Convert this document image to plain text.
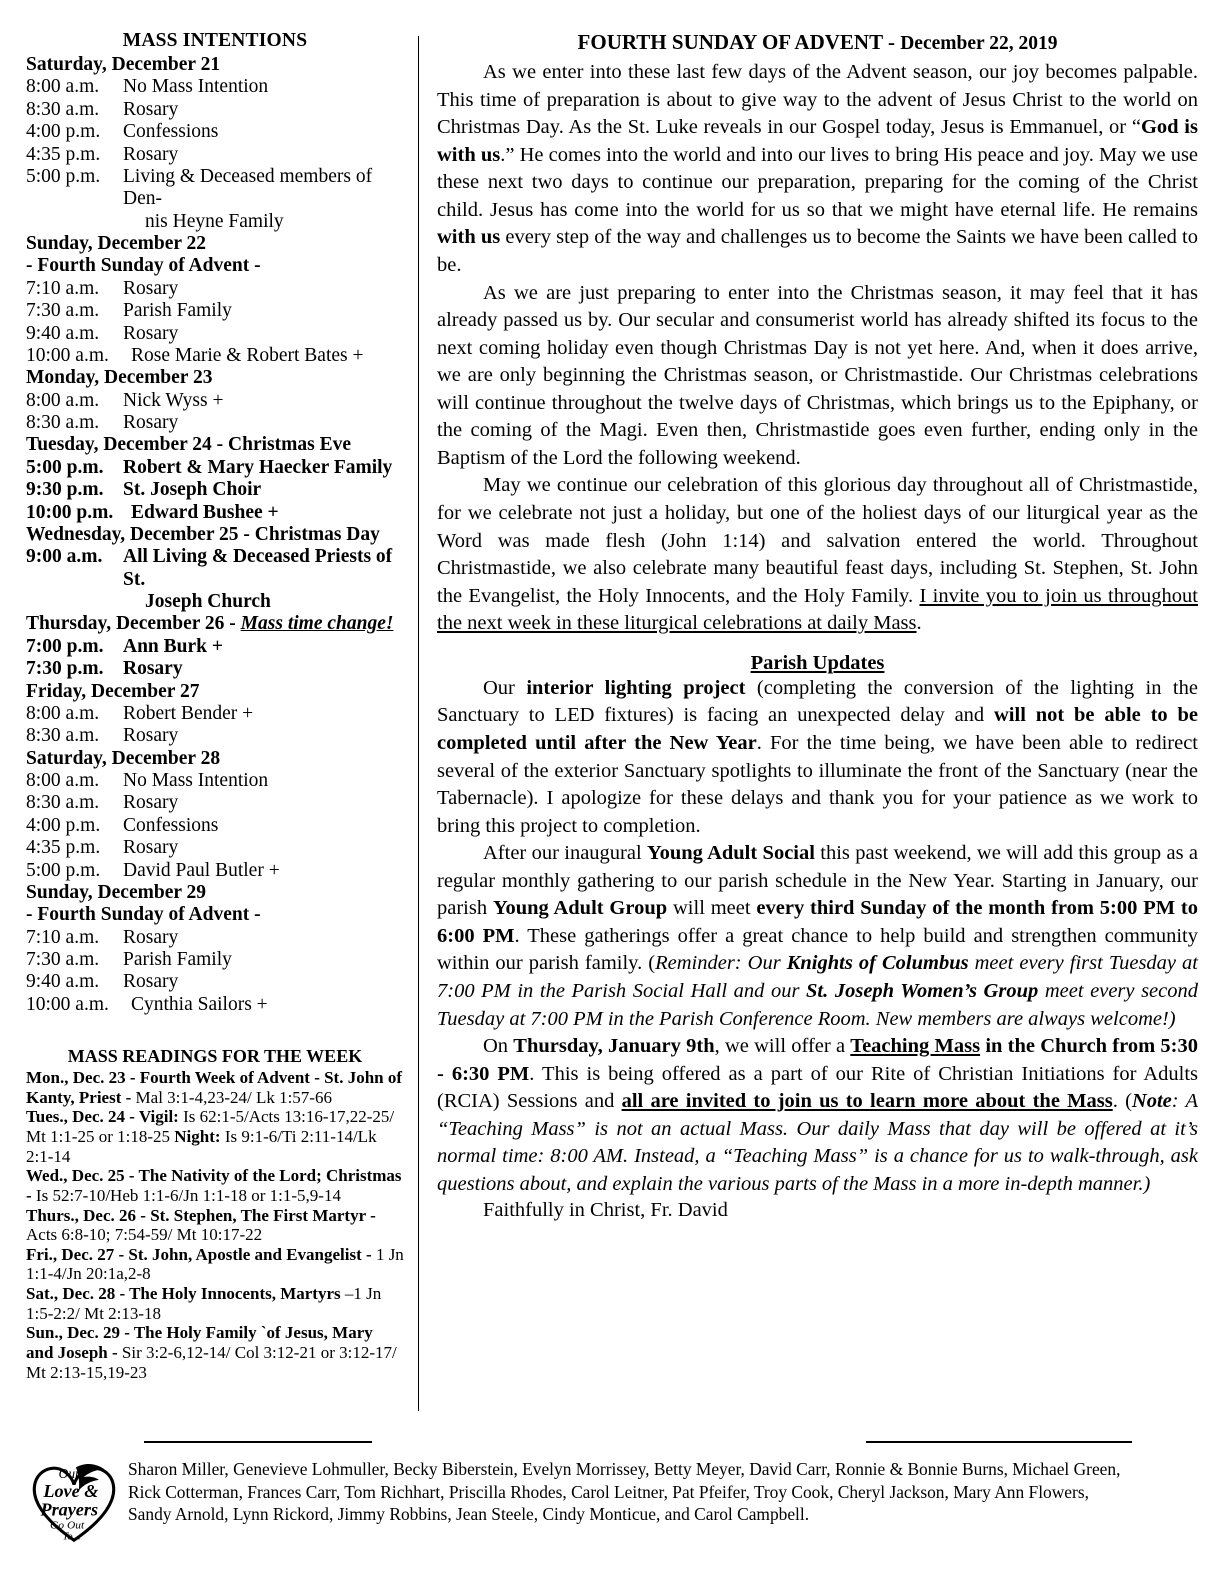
MASS INTENTIONS
Saturday, December 21
8:00 a.m.	No Mass Intention
8:30 a.m.	Rosary
4:00 p.m.	Confessions
4:35 p.m.	Rosary
5:00 p.m.	Living & Deceased members of Den-
nis Heyne Family
Sunday, December 22
- Fourth Sunday of Advent -
7:10 a.m.	Rosary
7:30 a.m.	Parish Family
9:40 a.m.	Rosary
10:00 a.m.	Rose Marie & Robert Bates +
Monday, December 23
8:00 a.m.	Nick Wyss +
8:30 a.m.	Rosary
Tuesday, December 24 - Christmas Eve
5:00 p.m.	Robert & Mary Haecker Family
9:30 p.m.	St. Joseph Choir
10:00 p.m. Edward Bushee +
Wednesday, December 25 - Christmas Day
9:00 a.m.	All Living & Deceased Priests of St.
Joseph Church
Thursday, December 26 - Mass time change!
7:00 p.m.	Ann Burk +
7:30 p.m.	Rosary
Friday, December 27
8:00 a.m.	Robert Bender +
8:30 a.m.	Rosary
Saturday, December 28
8:00 a.m.	No Mass Intention
8:30 a.m.	Rosary
4:00 p.m.	Confessions
4:35 p.m.	Rosary
5:00 p.m.	David Paul Butler +
Sunday, December 29
- Fourth Sunday of Advent -
7:10 a.m.	Rosary
7:30 a.m.	Parish Family
9:40 a.m.	Rosary
10:00 a.m.	Cynthia Sailors +
MASS READINGS FOR THE WEEK

Mon., Dec. 23 - Fourth Week of Advent - St. John of Kanty, Priest - Mal 3:1-4,23-24/ Lk 1:57-66

Tues., Dec. 24 - Vigil: Is 62:1-5/Acts 13:16-17,22-25/ Mt 1:1-25 or 1:18-25 Night: Is 9:1-6/Ti 2:11-14/Lk 2:1-14

Wed., Dec. 25 - The Nativity of the Lord; Christmas - Is 52:7-10/Heb 1:1-6/Jn 1:1-18 or 1:1-5,9-14

Thurs., Dec. 26 - St. Stephen, The First Martyr - Acts 6:8-10; 7:54-59/ Mt 10:17-22

Fri., Dec. 27 - St. John, Apostle and Evangelist - 1 Jn 1:1-4/Jn 20:1a,2-8

Sat., Dec. 28 - The Holy Innocents, Martyrs –1 Jn 1:5-2:2/ Mt 2:13-18

Sun., Dec. 29 - The Holy Family `of Jesus, Mary and Joseph - Sir 3:2-6,12-14/ Col 3:12-21 or 3:12-17/ Mt 2:13-15,19-23

FOURTH SUNDAY OF ADVENT - December 22, 2019

As we enter into these last few days of the Advent season, our joy becomes palpable. This time of preparation is about to give way to the advent of Jesus Christ to the world on Christmas Day. As the St. Luke reveals in our Gospel today, Jesus is Emmanuel, or “God is with us.” He comes into the world and into our lives to bring His peace and joy. May we use these next two days to continue our preparation, preparing for the coming of the Christ child. Jesus has come into the world for us so that we might have eternal life. He remains with us every step of the way and challenges us to become the Saints we have been called to be.

As we are just preparing to enter into the Christmas season, it may feel that it has already passed us by. Our secular and consumerist world has already shifted its focus to the next coming holiday even though Christmas Day is not yet here. And, when it does arrive, we are only beginning the Christmas season, or Christmastide. Our Christmas celebrations will continue throughout the twelve days of Christmas, which brings us to the Epiphany, or the coming of the Magi. Even then, Christmastide goes even further, ending only in the Baptism of the Lord the following weekend.

May we continue our celebration of this glorious day throughout all of Christmastide, for we celebrate not just a holiday, but one of the holiest days of our liturgical year as the Word was made flesh (John 1:14) and salvation entered the world. Throughout Christmastide, we also celebrate many beautiful feast days, including St. Stephen, St. John the Evangelist, the Holy Innocents, and the Holy Family. I invite you to join us throughout the next week in these liturgical celebrations at daily Mass.

Parish Updates

Our interior lighting project (completing the conversion of the lighting in the Sanctuary to LED fixtures) is facing an unexpected delay and will not be able to be completed until after the New Year. For the time being, we have been able to redirect several of the exterior Sanctuary spotlights to illuminate the front of the Sanctuary (near the Tabernacle). I apologize for these delays and thank you for your patience as we work to bring this project to completion.

After our inaugural Young Adult Social this past weekend, we will add this group as a regular monthly gathering to our parish schedule in the New Year. Starting in January, our parish Young Adult Group will meet every third Sunday of the month from 5:00 PM to 6:00 PM. These gatherings offer a great chance to help build and strengthen community within our parish family. (Reminder: Our Knights of Columbus meet every first Tuesday at 7:00 PM in the Parish Social Hall and our St. Joseph Women’s Group meet every second Tuesday at 7:00 PM in the Parish Conference Room. New members are always welcome!)

On Thursday, January 9th, we will offer a Teaching Mass in the Church from 5:30 - 6:30 PM. This is being offered as a part of our Rite of Christian Initiations for Adults (RCIA) Sessions and all are invited to join us to learn more about the Mass. (Note: A “Teaching Mass” is not an actual Mass. Our daily Mass that day will be offered at it’s normal time: 8:00 AM. Instead, a “Teaching Mass” is a chance for us to walk-through, ask questions about, and explain the various parts of the Mass in a more in-depth manner.)

Faithfully in Christ, Fr. David

Our
Love &
Prayers
Go Out
To...
Sharon Miller, Genevieve Lohmuller, Becky Biberstein, Evelyn Morrissey, Betty Meyer, David Carr, Ronnie & Bonnie Burns, Michael Green,
Rick Cotterman, Frances Carr, Tom Richhart, Priscilla Rhodes, Carol Leitner, Pat Pfeifer, Troy Cook, Cheryl Jackson, Mary Ann Flowers,
Sandy Arnold, Lynn Rickord, Jimmy Robbins, Jean Steele, Cindy Monticue, and Carol Campbell.
